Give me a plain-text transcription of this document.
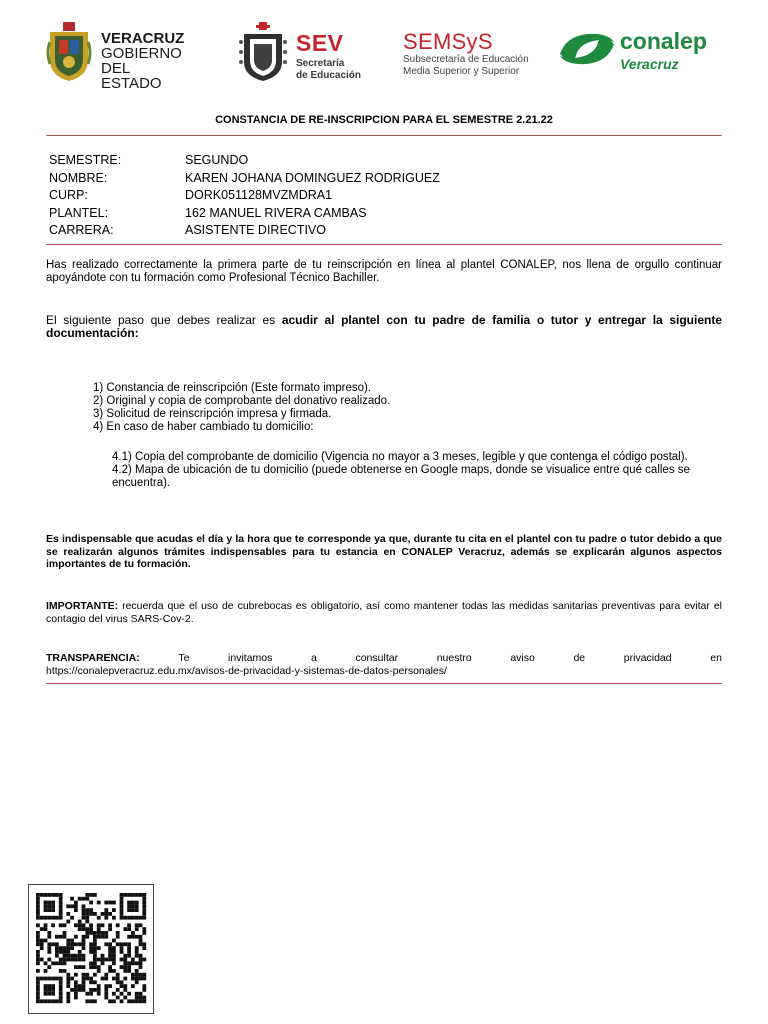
VERACRUZ
GOBIERNO
DEL ESTADO
SEV
Secretaría
de Educación
SEMSyS
Subsecretaría de Educación
Media Superior y Superior
conalep
Veracruz
CONSTANCIA DE RE-INSCRIPCION PARA EL SEMESTRE 2.21.22
SEMESTRE:	SEGUNDO
NOMBRE:	KAREN JOHANA DOMINGUEZ RODRIGUEZ
CURP:	DORK051128MVZMDRA1
PLANTEL:	162 MANUEL RIVERA CAMBAS
CARRERA:	ASISTENTE DIRECTIVO
Has realizado correctamente la primera parte de tu reinscripción en línea al plantel CONALEP, nos llena de orgullo continuar apoyándote con tu formación como Profesional Técnico Bachiller.
El siguiente paso que debes realizar es acudir al plantel con tu padre de familia o tutor y entregar la siguiente documentación:
1) Constancia de reinscripción (Este formato impreso).
2) Original y copia de comprobante del donativo realizado.
3) Solicitud de reinscripción impresa y firmada.
4) En caso de haber cambiado tu domicilio:
4.1) Copia del comprobante de domicilio (Vigencia no mayor a 3 meses, legible y que contenga el código postal).
4.2) Mapa de ubicación de tu domicilio (puede obtenerse en Google maps, donde se visualice entre qué calles se encuentra).
Es indispensable que acudas el día y la hora que te corresponde ya que, durante tu cita en el plantel con tu padre o tutor debido a que se realizarán algunos trámites indispensables para tu estancia en CONALEP Veracruz, además se explicarán algunos aspectos importantes de tu formación.
IMPORTANTE: recuerda que el uso de cubrebocas es obligatorio, así como mantener todas las medidas sanitarias preventivas para evitar el contagio del virus SARS-Cov-2.
TRANSPARENCIA:	Te	invitamos	a	consultar	nuestro	aviso	de	privacidad	en
https://conalepveracruz.edu.mx/avisos-de-privacidad-y-sistemas-de-datos-personales/
